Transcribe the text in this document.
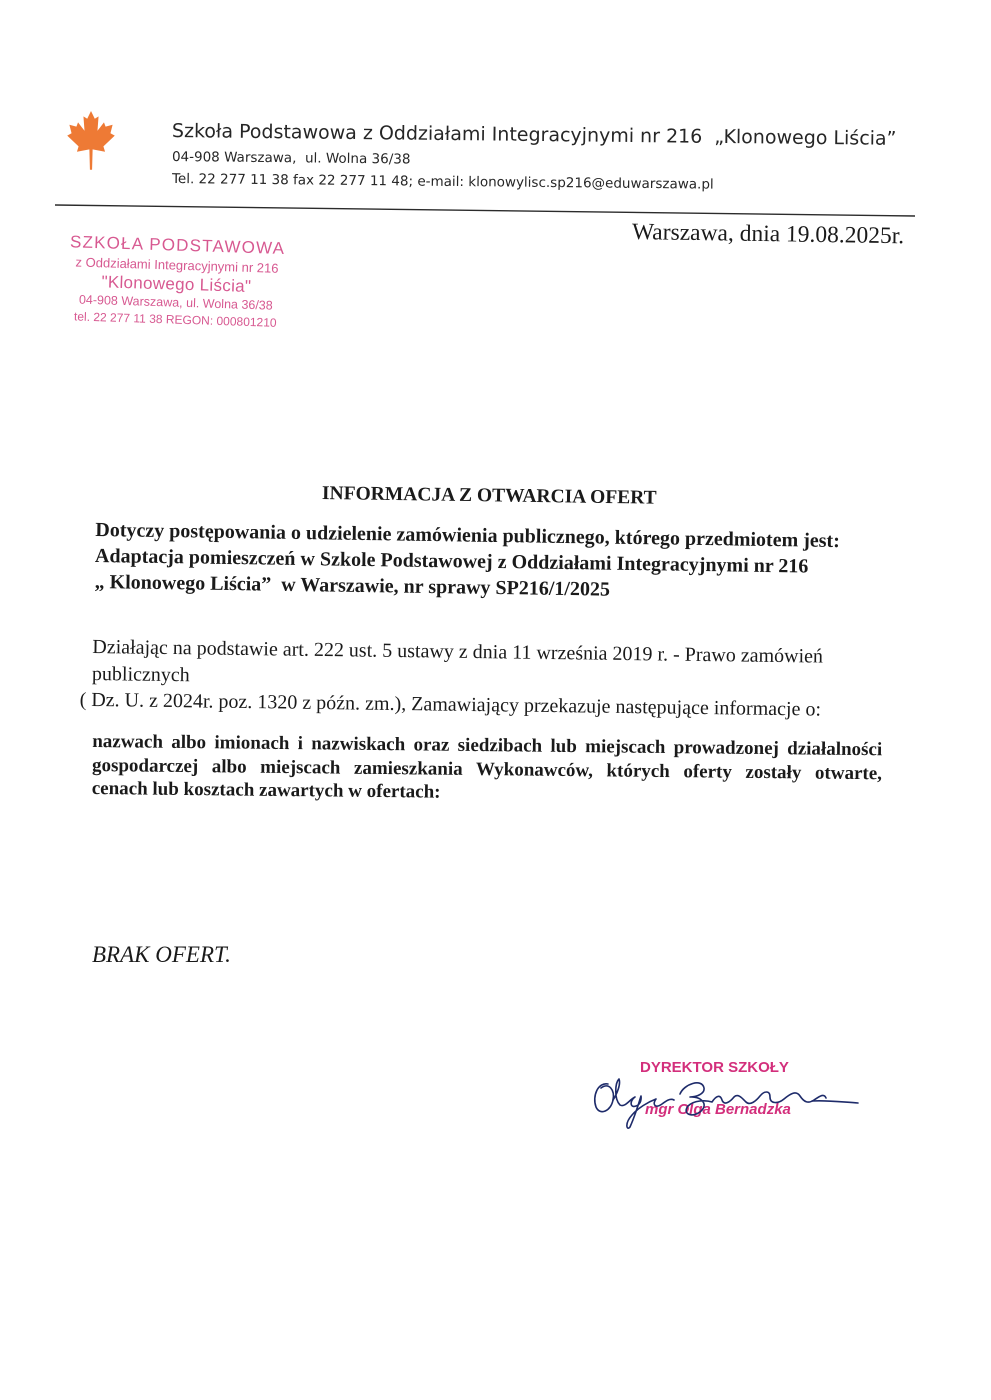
Szkoła Podstawowa z Oddziałami Integracyjnymi nr 216  „Klonowego Liścia”
04-908 Warszawa,  ul. Wolna 36/38
Tel. 22 277 11 38 fax 22 277 11 48; e-mail: klonowylisc.sp216@eduwarszawa.pl
SZKOŁA PODSTAWOWA
z Oddziałami Integracyjnymi nr 216
"Klonowego Liścia"
04-908 Warszawa, ul. Wolna 36/38
tel. 22 277 11 38 REGON: 000801210
Warszawa, dnia 19.08.2025r.
INFORMACJA Z OTWARCIA OFERT
Dotyczy postępowania o udzielenie zamówienia publicznego, którego przedmiotem jest:
Adaptacja pomieszczeń w Szkole Podstawowej z Oddziałami Integracyjnymi nr 216
„ Klonowego Liścia”  w Warszawie, nr sprawy SP216/1/2025
Działając na podstawie art. 222 ust. 5 ustawy z dnia 11 września 2019 r. - Prawo zamówień
publicznych
( Dz. U. z 2024r. poz. 1320 z późn. zm.), Zamawiający przekazuje następujące informacje o:
nazwach albo imionach i nazwiskach oraz siedzibach lub miejscach prowadzonej działalności
gospodarczej albo miejscach zamieszkania Wykonawców, których oferty zostały otwarte,
cenach lub kosztach zawartych w ofertach:
BRAK OFERT.
DYREKTOR SZKOŁY
mgr Olga Bernadzka
